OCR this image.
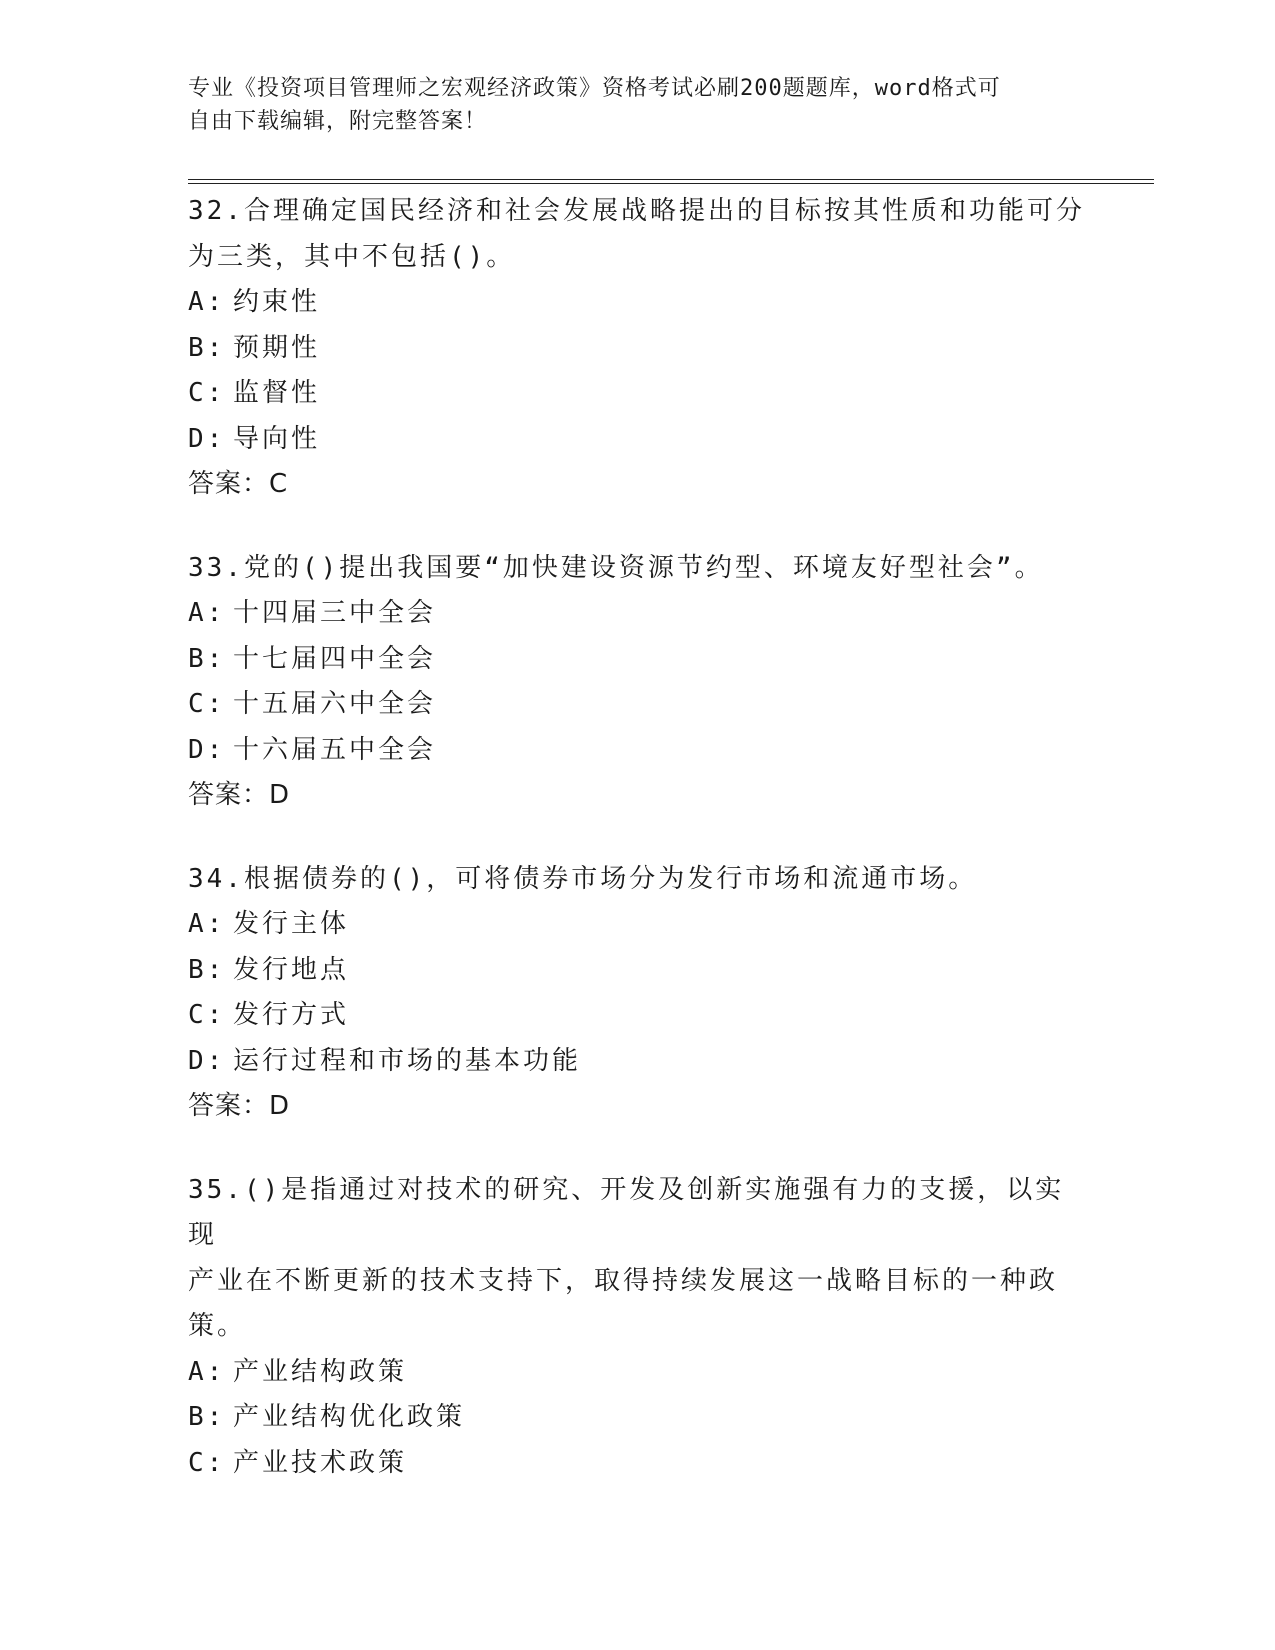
专业《投资项目管理师之宏观经济政策》资格考试必刷200题题库，word格式可
自由下载编辑，附完整答案！
32.合理确定国民经济和社会发展战略提出的目标按其性质和功能可分
为三类，其中不包括()。
A: 约束性
B: 预期性
C: 监督性
D: 导向性
答案：C
33.党的()提出我国要“加快建设资源节约型、环境友好型社会”。
A: 十四届三中全会
B: 十七届四中全会
C: 十五届六中全会
D: 十六届五中全会
答案：D
34.根据债券的()，可将债券市场分为发行市场和流通市场。
A: 发行主体
B: 发行地点
C: 发行方式
D: 运行过程和市场的基本功能
答案：D
35.()是指通过对技术的研究、开发及创新实施强有力的支援，以实现
产业在不断更新的技术支持下，取得持续发展这一战略目标的一种政
策。
A: 产业结构政策
B: 产业结构优化政策
C: 产业技术政策
